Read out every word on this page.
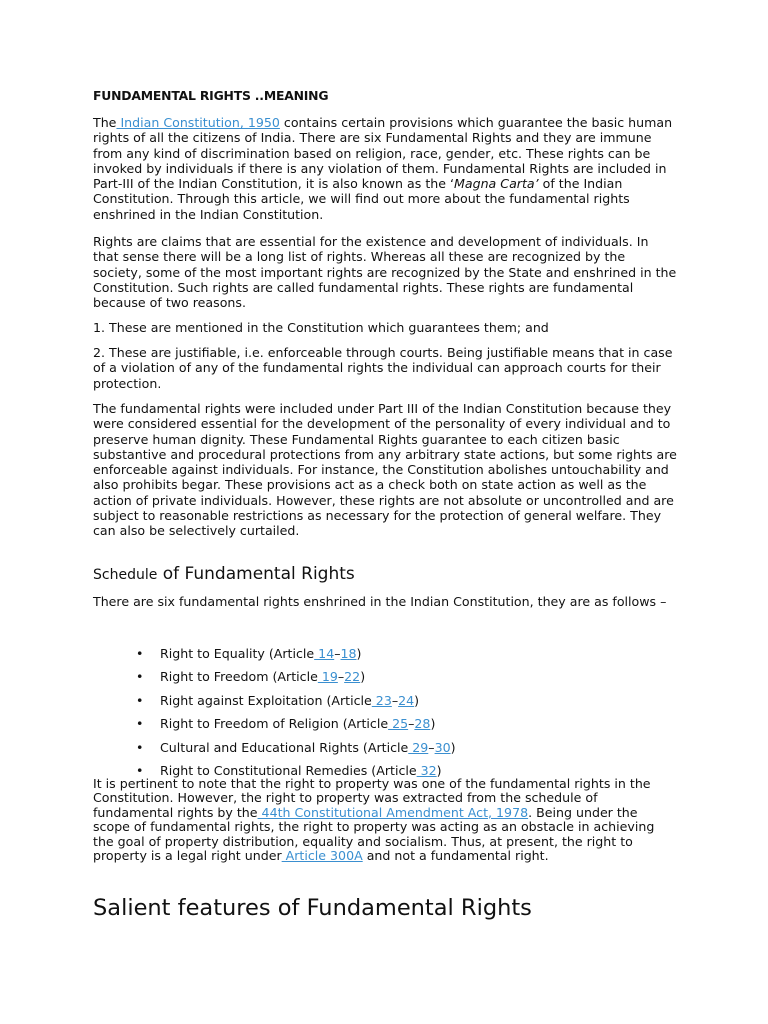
FUNDAMENTAL RIGHTS ..MEANING

The Indian Constitution, 1950 contains certain provisions which guarantee the basic human rights of all the citizens of India. There are six Fundamental Rights and they are immune from any kind of discrimination based on religion, race, gender, etc. These rights can be invoked by individuals if there is any violation of them. Fundamental Rights are included in Part-III of the Indian Constitution, it is also known as the ‘Magna Carta’ of the Indian Constitution. Through this article, we will find out more about the fundamental rights enshrined in the Indian Constitution.

Rights are claims that are essential for the existence and development of individuals. In that sense there will be a long list of rights. Whereas all these are recognized by the society, some of the most important rights are recognized by the State and enshrined in the Constitution. Such rights are called fundamental rights. These rights are fundamental because of two reasons.

1. These are mentioned in the Constitution which guarantees them; and

2. These are justifiable, i.e. enforceable through courts. Being justifiable means that in case of a violation of any of the fundamental rights the individual can approach courts for their protection.

The fundamental rights were included under Part III of the Indian Constitution because they were considered essential for the development of the personality of every individual and to preserve human dignity. These Fundamental Rights guarantee to each citizen basic substantive and procedural protections from any arbitrary state actions, but some rights are enforceable against individuals. For instance, the Constitution abolishes untouchability and also prohibits begar. These provisions act as a check both on state action as well as the action of private individuals. However, these rights are not absolute or uncontrolled and are subject to reasonable restrictions as necessary for the protection of general welfare. They can also be selectively curtailed.

Schedule of Fundamental Rights

There are six fundamental rights enshrined in the Indian Constitution, they are as follows –

• Right to Equality (Article 14–18)
• Right to Freedom (Article 19–22)
• Right against Exploitation (Article 23–24)
• Right to Freedom of Religion (Article 25–28)
• Cultural and Educational Rights (Article 29–30)
• Right to Constitutional Remedies (Article 32)

It is pertinent to note that the right to property was one of the fundamental rights in the Constitution. However, the right to property was extracted from the schedule of fundamental rights by the 44th Constitutional Amendment Act, 1978. Being under the scope of fundamental rights, the right to property was acting as an obstacle in achieving the goal of property distribution, equality and socialism. Thus, at present, the right to property is a legal right under Article 300A and not a fundamental right.

Salient features of Fundamental Rights
